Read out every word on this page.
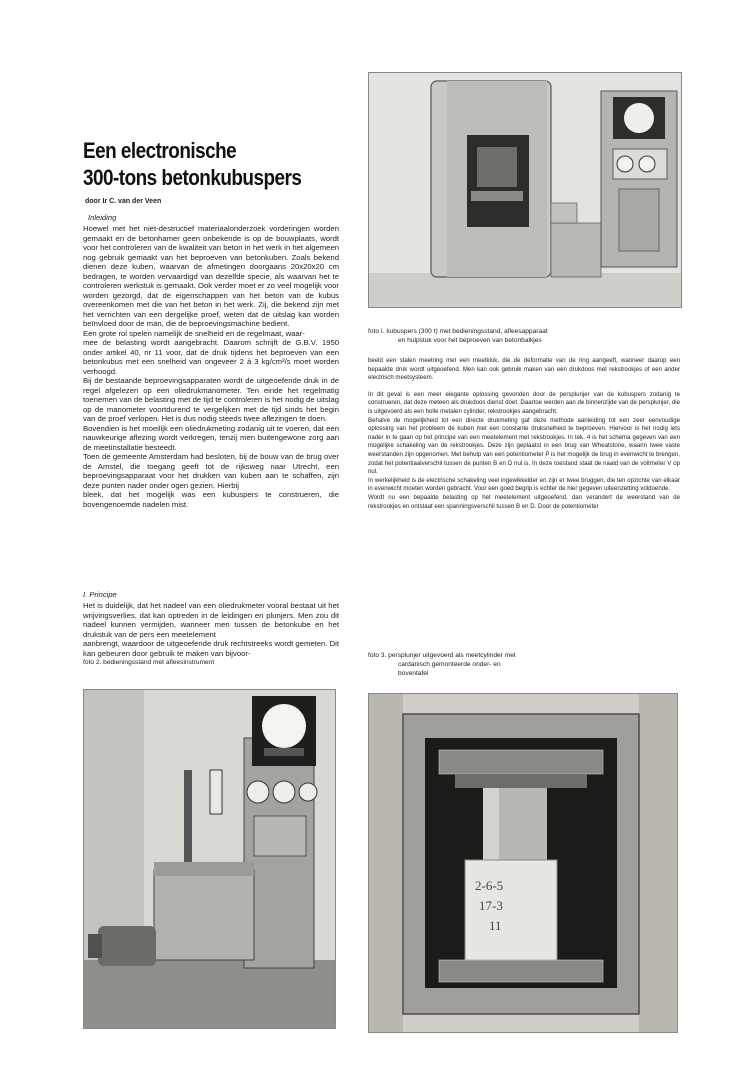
Een electronische
300-tons betonkubuspers
door Ir C. van der Veen
Inleiding

Hoewel met het niet-destructief materiaalonderzoek vorderingen worden gemaakt en de betonhamer geen onbekende is op de bouwplaats, wordt voor het controleren van de kwaliteit van beton in het werk in het algemeen nog gebruik gemaakt van het beproeven van betonkuben. Zoals bekend dienen deze kuben, waarvan de afmetingen doorgaans 20x20x20 cm bedragen, te worden vervaardigd van dezelfde specie, als waarvan het te controleren werkstuk is gemaakt. Ook verder moet er zo veel mogelijk voor worden gezorgd, dat de eigenschappen van het beton van de kubus overeenkomen met die van het beton in het werk. Zij, die bekend zijn met het verrichten van een dergelijke proef, weten dat de uitslag kan worden beïnvloed door de man, die de beproevingsmachine bedient.

Een grote rol spelen namelijk de snelheid en de regelmaat, waar-

mee de belasting wordt aangebracht. Daarom schrijft de G.B.V. 1950 onder artikel 40, nr 11 voor, dat de druk tijdens het beproeven van een betonkubus met een snelheid van ongeveer 2 à 3 kg/cm²/s moet worden verhoogd.

Bij de bestaande beproevingsapparaten wordt de uitgeoefende druk in de regel afgelezen op een oliedrukmanometer. Ten einde het regelmatig toenemen van de belasting met de tijd te controleren is het nodig de uitslag op de manometer voortdurend te vergelijken met de tijd sinds het begin van de proef verlopen. Het is dus nodig steeds twee aflezingen te doen.

Bovendien is het moeilijk een oliedrukmeting zodanig uit te voeren, dat een nauwkeurige aflezing wordt verkregen, tenzij men buitengewone zorg aan de meetinstallatie besteedt.

Toen de gemeente Amsterdam had besloten, bij de bouw van de brug over de Amstel, die toegang geeft tot de rijksweg naar Utrecht, een beproevingsapparaat voor het drukken van kuben aan te schaffen, zijn deze punten nader onder ogen gezien. Hierbij

bleek, dat het mogelijk was een kubuspers te construeren, die bovengenoemde nadelen mist.

I. Principe

Het is duidelijk, dat het nadeel van een oliedrukmeter vooral bestaat uit het wrijvingsverlies, dat kan optreden in de leidingen en plunjers. Men zou dit nadeel kunnen vermijden, wanneer men tussen de betonkube en het drukstuk van de pers een meetelement

aanbrengt, waardoor de uitgeoefende druk rechtstreeks wordt gemeten. Dit kan gebeuren door gebruik te maken van bijvoor-

foto I. kubuspers (300 t) met bedieningsstand, afleesapparaat
en hulpstuk voor het beproeven van betonbalkjes

beeld een stalen meetring met een meetklok, die de deformatie van de ring aangeeft, wanneer daarop een bepaalde druk wordt uitgeoefend. Men kan ook gebruik maken van een drukdoos met rekstrookjes of een ander electrisch meetsysteem.

In dit geval is een meer elegante oplossing gevonden door de persplunjer van de kubuspers zodanig te construeren, dat deze meteen als drukdoos dienst doet. Daartoe werden aan de binnenzijde van de persplunjer, die is uitgevoerd als een holle metalen cylinder, rekstrookjes aangebracht.

Behalve de mogelijkheid tot een directe drukmeting gaf deze methode aanleiding tot een zeer eenvoudige oplossing van het probleem de kuben met een constante druksnelheid te beproeven. Hiervoor is het nodig iets nader in te gaan op het principe van een meetelement met rekstrookjes. In tek. 4 is het schema gegeven van een mogelijke schakeling van de rekstrookjes. Deze zijn geplaatst in een brug van Wheatstone, waarin twee vaste weerstanden zijn opgenomen. Met behulp van een potentiometer P is het mogelijk de brug in evenwicht te brengen, zodat het potentiaalverschil tussen de punten B en D nul is. In deze toestand staat de naald van de voltmeter V op nul.

In werkelijkheid is de electrische schakeling veel ingewikkelder en zijn er twee bruggen, die ten opzichte van elkaar in evenwicht moeten worden gebracht. Voor een goed begrip is echter de hier gegeven uiteenzetting voldoende.

Wordt nu een bepaalde belasting op het meetelement uitgeoefend, dan verandert de weerstand van de rekstrookjes en ontstaat een spanningsverschil tussen B en D. Door de potentiometer

foto 2. bedieningsstand met afleesinstrument
foto 3. persplunjer uitgevoerd als meetcylinder met
cardanisch gemonteerde onder- en
boventafel
2-6-5
17-3
11
